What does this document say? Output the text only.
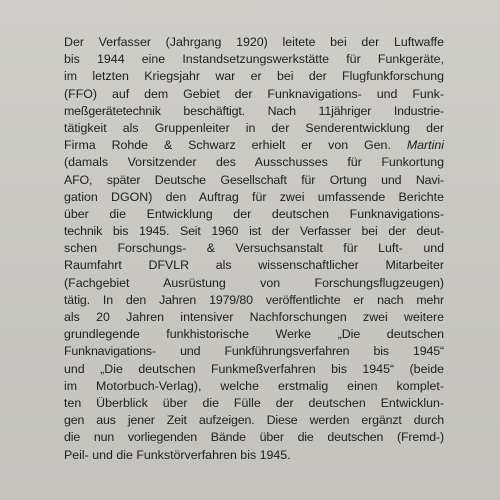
Der Verfasser (Jahrgang 1920) leitete bei der Luftwaffe
bis 1944 eine Instandsetzungswerkstätte für Funkgeräte,
im letzten Kriegsjahr war er bei der Flugfunkforschung
(FFO) auf dem Gebiet der Funknavigations- und Funk-
meßgerätetechnik beschäftigt. Nach 11jähriger Industrie-
tätigkeit als Gruppenleiter in der Senderentwicklung der
Firma Rohde & Schwarz erhielt er von Gen. Martini
(damals Vorsitzender des Ausschusses für Funkortung
AFO, später Deutsche Gesellschaft für Ortung und Navi-
gation DGON) den Auftrag für zwei umfassende Berichte
über die Entwicklung der deutschen Funknavigations-
technik bis 1945. Seit 1960 ist der Verfasser bei der deut-
schen Forschungs- & Versuchsanstalt für Luft- und
Raumfahrt DFVLR als wissenschaftlicher Mitarbeiter
(Fachgebiet Ausrüstung von Forschungsflugzeugen)
tätig. In den Jahren 1979/80 veröffentlichte er nach mehr
als 20 Jahren intensiver Nachforschungen zwei weitere
grundlegende funkhistorische Werke „Die deutschen
Funknavigations- und Funkführungsverfahren bis 1945“
und „Die deutschen Funkmeßverfahren bis 1945“ (beide
im Motorbuch-Verlag), welche erstmalig einen komplet-
ten Überblick über die Fülle der deutschen Entwicklun-
gen aus jener Zeit aufzeigen. Diese werden ergänzt durch
die nun vorliegenden Bände über die deutschen (Fremd-)
Peil- und die Funkstörverfahren bis 1945.
